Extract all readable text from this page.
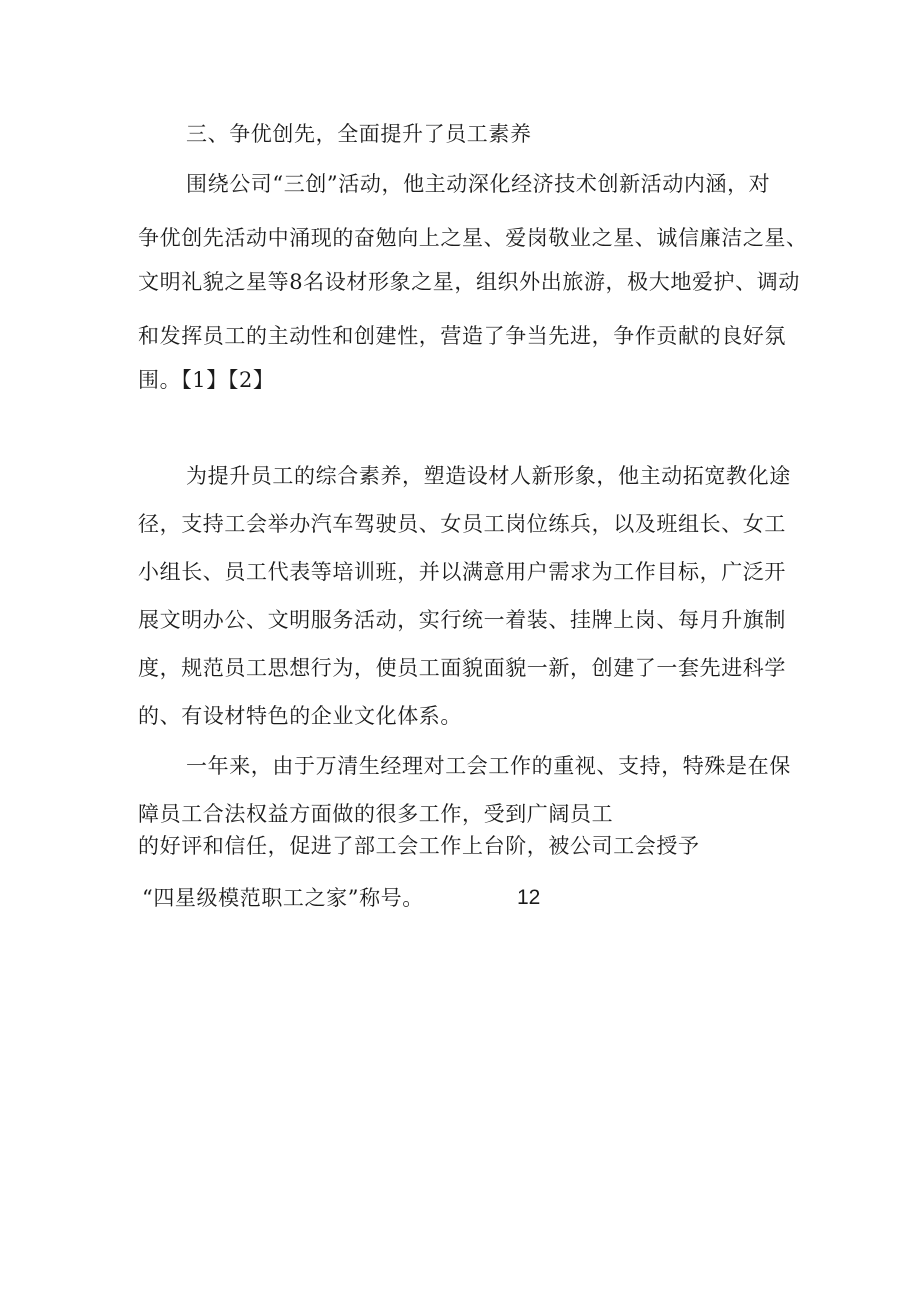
三、争优创先，全面提升了员工素养
围绕公司“三创”活动，他主动深化经济技术创新活动内涵，对
争优创先活动中涌现的奋勉向上之星、爱岗敬业之星、诚信廉洁之星、
文明礼貌之星等8名设材形象之星，组织外出旅游，极大地爱护、调动
和发挥员工的主动性和创建性，营造了争当先进，争作贡献的良好氛
围。【1】【2】
为提升员工的综合素养，塑造设材人新形象，他主动拓宽教化途
径，支持工会举办汽车驾驶员、女员工岗位练兵，以及班组长、女工
小组长、员工代表等培训班，并以满意用户需求为工作目标，广泛开
展文明办公、文明服务活动，实行统一着装、挂牌上岗、每月升旗制
度，规范员工思想行为，使员工面貌面貌一新，创建了一套先进科学
的、有设材特色的企业文化体系。
一年来，由于万清生经理对工会工作的重视、支持，特殊是在保
障员工合法权益方面做的很多工作，受到广阔员工
的好评和信任，促进了部工会工作上台阶，被公司工会授予
“四星级模范职工之家”称号。	12
